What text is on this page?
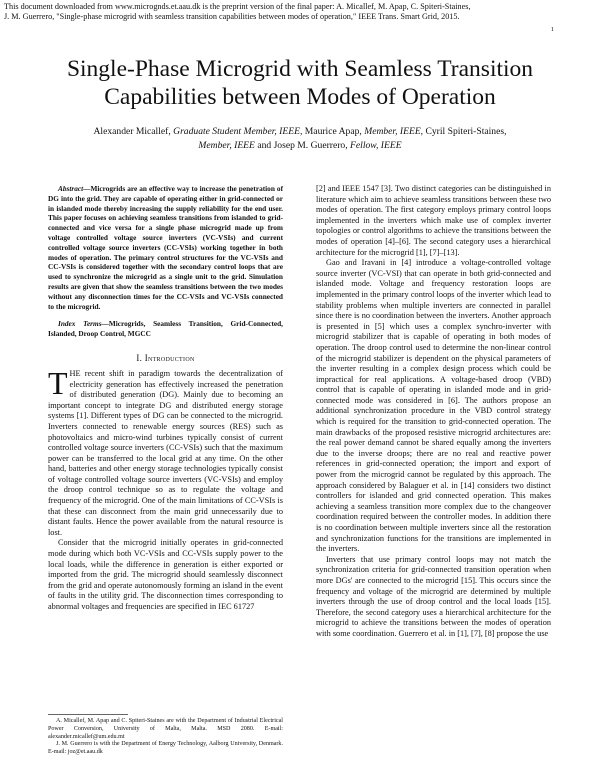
This document downloaded from www.micrognds.et.aau.dk is the preprint version of the final paper: A. Micallef, M. Apap, C. Spiteri-Staines,
J. M. Guerrero, "Single-phase microgrid with seamless transition capabilities between modes of operation," IEEE Trans. Smart Grid, 2015.

1

Single-Phase Microgrid with Seamless Transition
Capabilities between Modes of Operation

Alexander Micallef, Graduate Student Member, IEEE, Maurice Apap, Member, IEEE, Cyril Spiteri-Staines,
Member, IEEE and Josep M. Guerrero, Fellow, IEEE

Abstract—Microgrids are an effective way to increase the penetration of DG into the grid. They are capable of operating either in grid-connected or in islanded mode thereby increasing the supply reliability for the end user. This paper focuses on achieving seamless transitions from islanded to grid-connected and vice versa for a single phase microgrid made up from voltage controlled voltage source inverters (VC-VSIs) and current controlled voltage source inverters (CC-VSIs) working together in both modes of operation. The primary control structures for the VC-VSIs and CC-VSIs is considered together with the secondary control loops that are used to synchronize the microgrid as a single unit to the grid. Simulation results are given that show the seamless transitions between the two modes without any disconnection times for the CC-VSIs and VC-VSIs connected to the microgrid.

Index Terms—Microgrids, Seamless Transition, Grid-Connected, Islanded, Droop Control, MGCC

I. Introduction

THE recent shift in paradigm towards the decentralization of electricity generation has effectively increased the penetration of distributed generation (DG). Mainly due to becoming an important concept to integrate DG and distributed energy storage systems [1]. Different types of DG can be connected to the microgrid. Inverters connected to renewable energy sources (RES) such as photovoltaics and micro-wind turbines typically consist of current controlled voltage source inverters (CC-VSIs) such that the maximum power can be transferred to the local grid at any time. On the other hand, batteries and other energy storage technologies typically consist of voltage controlled voltage source inverters (VC-VSIs) and employ the droop control technique so as to regulate the voltage and frequency of the microgrid. One of the main limitations of CC-VSIs is that these can disconnect from the main grid unnecessarily due to distant faults. Hence the power available from the natural resource is lost.

Consider that the microgrid initially operates in grid-connected mode during which both VC-VSIs and CC-VSIs supply power to the local loads, while the difference in generation is either exported or imported from the grid. The microgrid should seamlessly disconnect from the grid and operate autonomously forming an island in the event of faults in the utility grid. The disconnection times corresponding to abnormal voltages and frequencies are specified in IEC 61727

A. Micallef, M. Apap and C. Spiteri-Staines are with the Department of Industrial Electrical Power Conversion, University of Malta, Malta. MSD 2080. E-mail: alexander.micallef@um.edu.mt

J. M. Guerrero is with the Department of Energy Technology, Aalborg University, Denmark. E-mail: joz@et.aau.dk

[2] and IEEE 1547 [3]. Two distinct categories can be distinguished in literature which aim to achieve seamless transitions between these two modes of operation. The first category employs primary control loops implemented in the inverters which make use of complex inverter topologies or control algorithms to achieve the transitions between the modes of operation [4]–[6]. The second category uses a hierarchical architecture for the microgrid [1], [7]–[13].

Gao and Iravani in [4] introduce a voltage-controlled voltage source inverter (VC-VSI) that can operate in both grid-connected and islanded mode. Voltage and frequency restoration loops are implemented in the primary control loops of the inverter which lead to stability problems when multiple inverters are connected in parallel since there is no coordination between the inverters. Another approach is presented in [5] which uses a complex synchro-inverter with microgrid stabilizer that is capable of operating in both modes of operation. The droop control used to determine the non-linear control of the microgrid stabilizer is dependent on the physical parameters of the inverter resulting in a complex design process which could be impractical for real applications. A voltage-based droop (VBD) control that is capable of operating in islanded mode and in grid-connected mode was considered in [6]. The authors propose an additional synchronization procedure in the VBD control strategy which is required for the transition to grid-connected operation. The main drawbacks of the proposed resistive microgrid architectures are: the real power demand cannot be shared equally among the inverters due to the inverse droops; there are no real and reactive power references in grid-connected operation; the import and export of power from the microgrid cannot be regulated by this approach. The approach considered by Balaguer et al. in [14] considers two distinct controllers for islanded and grid connected operation. This makes achieving a seamless transition more complex due to the changeover coordination required between the controller modes. In addition there is no coordination between multiple inverters since all the restoration and synchronization functions for the transitions are implemented in the inverters.

Inverters that use primary control loops may not match the synchronization criteria for grid-connected transition operation when more DGs' are connected to the microgrid [15]. This occurs since the frequency and voltage of the microgrid are determined by multiple inverters through the use of droop control and the local loads [15]. Therefore, the second category uses a hierarchical architecture for the microgrid to achieve the transitions between the modes of operation with some coordination. Guerrero et al. in [1], [7], [8] propose the use
